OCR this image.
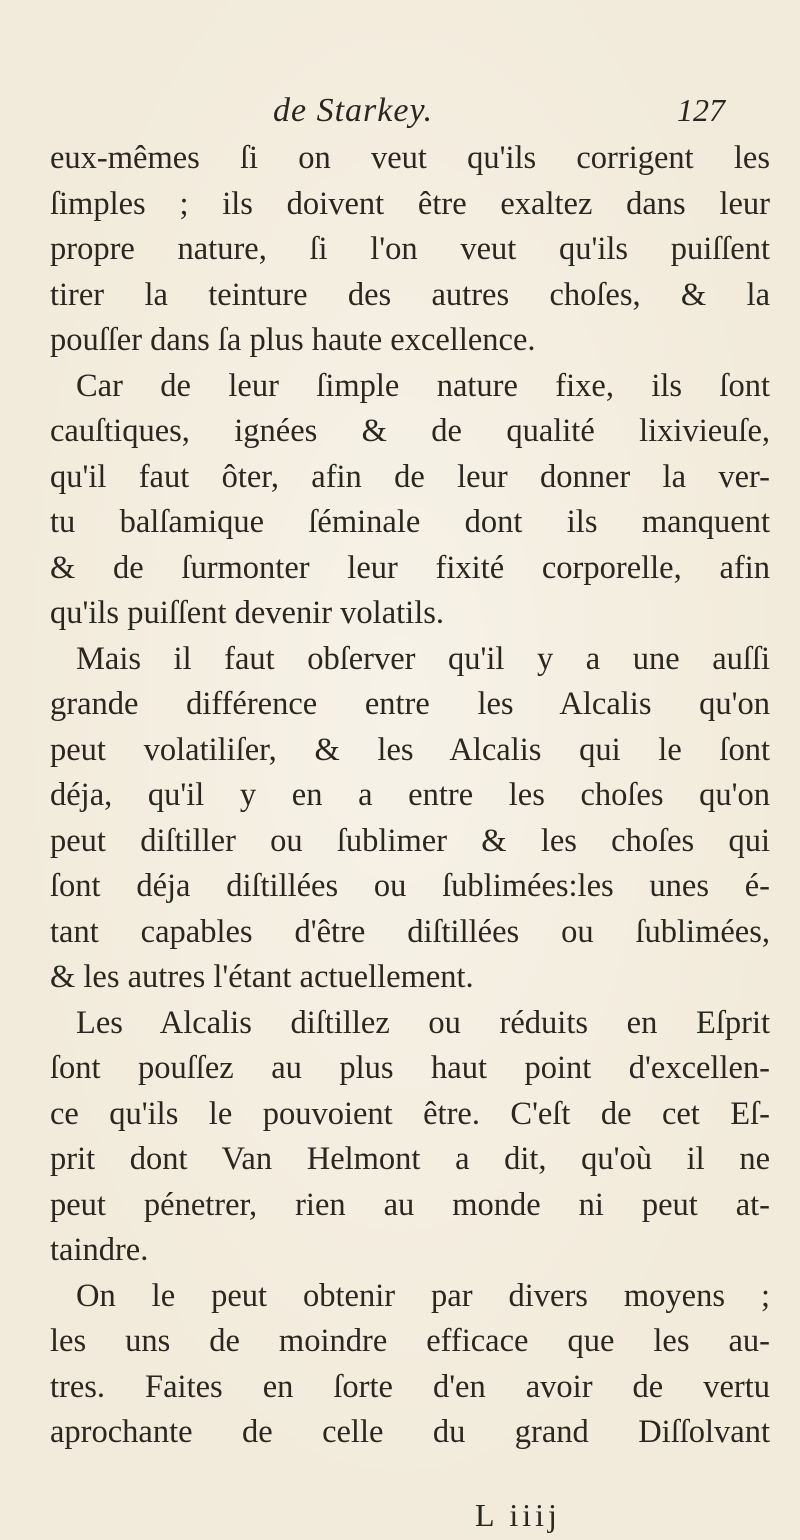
de Starkey.	127
eux-mêmes ſi on veut qu'ils corrigent les
ſimples ; ils doivent être exaltez dans leur
propre nature, ſi l'on veut qu'ils puiſſent
tirer la teinture des autres choſes, & la
pouſſer dans ſa plus haute excellence.
Car de leur ſimple nature fixe, ils ſont
cauſtiques, ignées & de qualité lixivieuſe,
qu'il faut ôter, afin de leur donner la ver-
tu balſamique ſéminale dont ils manquent
& de ſurmonter leur fixité corporelle, afin
qu'ils puiſſent devenir volatils.
Mais il faut obſerver qu'il y a une auſſi
grande différence entre les Alcalis qu'on
peut volatiliſer, & les Alcalis qui le ſont
déja, qu'il y en a entre les choſes qu'on
peut diſtiller ou ſublimer & les choſes qui
ſont déja diſtillées ou ſublimées:les unes é-
tant capables d'être diſtillées ou ſublimées,
& les autres l'étant actuellement.
Les Alcalis diſtillez ou réduits en Eſprit
ſont pouſſez au plus haut point d'excellen-
ce qu'ils le pouvoient être. C'eſt de cet Eſ-
prit dont Van Helmont a dit, qu'où il ne
peut pénetrer, rien au monde ni peut at-
taindre.
On le peut obtenir par divers moyens ;
les uns de moindre efficace que les au-
tres. Faites en ſorte d'en avoir de vertu
aprochante de celle du grand Diſſolvant
L iiij
